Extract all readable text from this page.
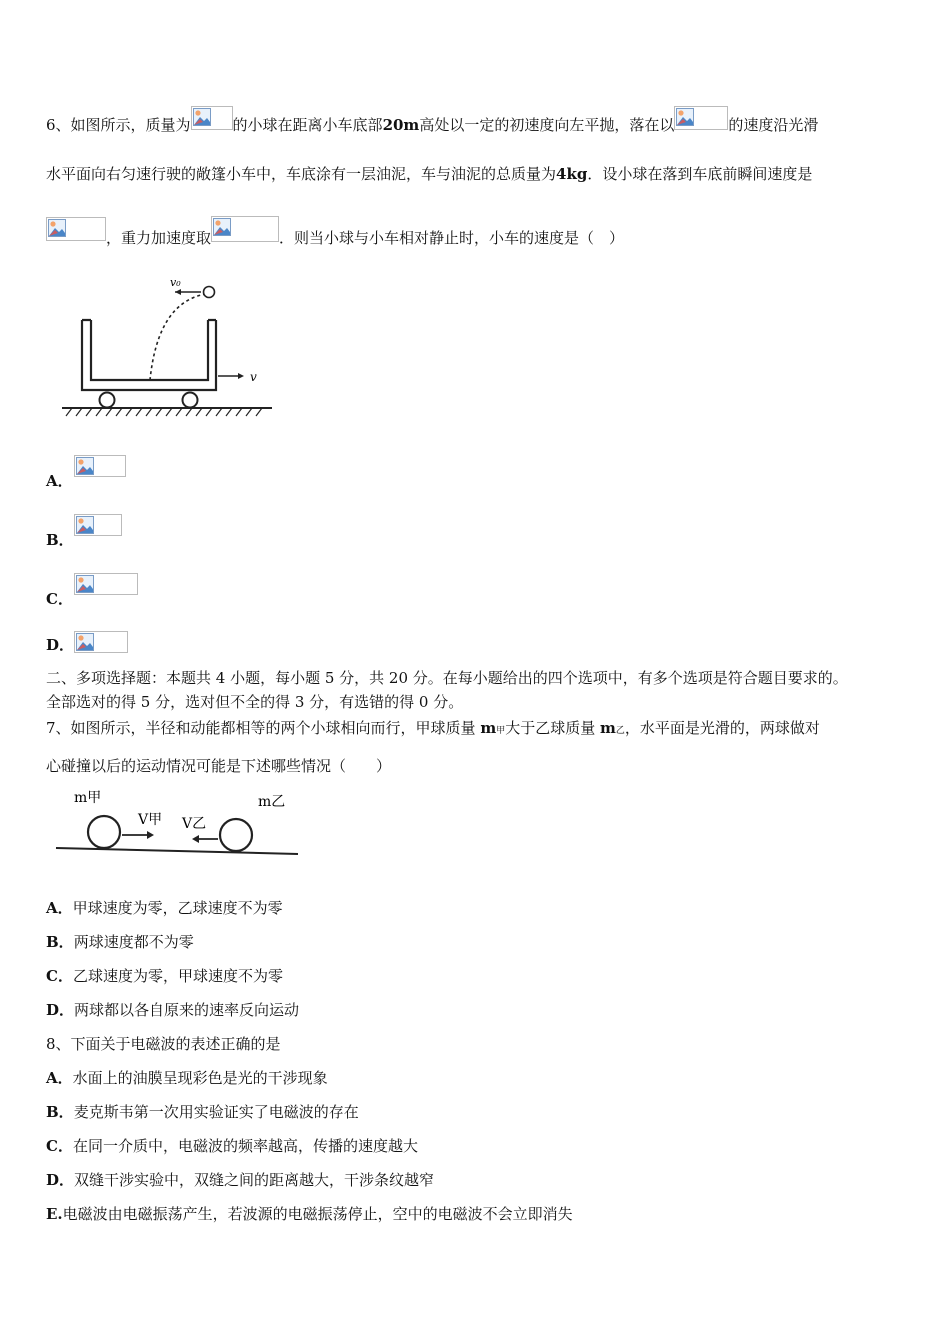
6、如图所示，质量为	的小球在距离小车底部20m高处以一定的初速度向左平抛，落在以	的速度沿光滑
水平面向右匀速行驶的敞篷小车中，车底涂有一层油泥，车与油泥的总质量为4kg．设小球在落到车底前瞬间速度是
，重力加速度取	．则当小球与小车相对静止时，小车的速度是（　）
v₀
v
A．
B．
C．
D．
二、多项选择题：本题共 4 小题，每小题 5 分，共 20 分。在每小题给出的四个选项中，有多个选项是符合题目要求的。
全部选对的得 5 分，选对但不全的得 3 分，有选错的得 0 分。
7、如图所示，半径和动能都相等的两个小球相向而行，甲球质量 m甲大于乙球质量 m乙，水平面是光滑的，两球做对
心碰撞以后的运动情况可能是下述哪些情况（　　）
m甲
V甲 V乙
m乙
A．甲球速度为零，乙球速度不为零
B．两球速度都不为零
C．乙球速度为零，甲球速度不为零
D．两球都以各自原来的速率反向运动
8、下面关于电磁波的表述正确的是
A．水面上的油膜呈现彩色是光的干涉现象
B．麦克斯韦第一次用实验证实了电磁波的存在
C．在同一介质中，电磁波的频率越高，传播的速度越大
D．双缝干涉实验中，双缝之间的距离越大，干涉条纹越窄
E.电磁波由电磁振荡产生，若波源的电磁振荡停止，空中的电磁波不会立即消失
